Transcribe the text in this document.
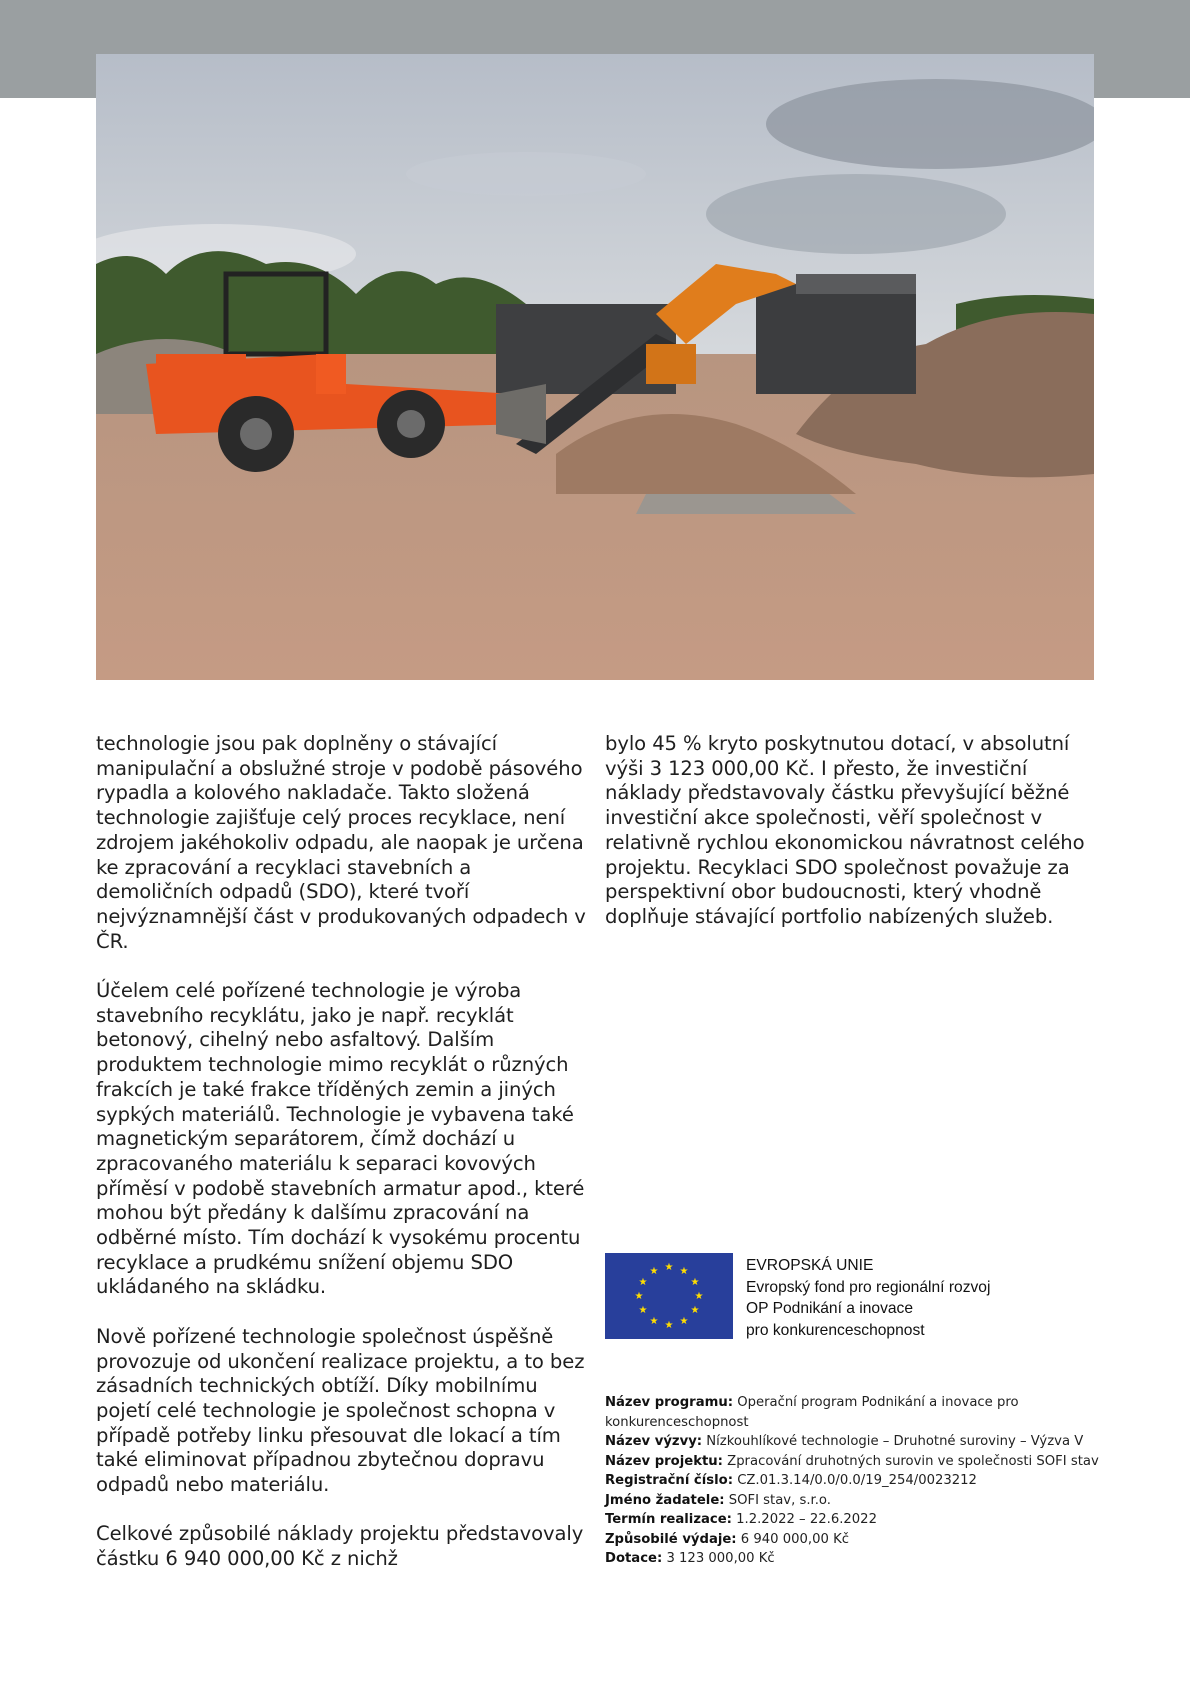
technologie jsou pak doplněny o stávající manipulační a obslužné stroje v podobě pásového rypadla a kolového nakladače. Takto složená technologie zajišťuje celý proces recyklace, není zdrojem jakéhokoliv odpadu, ale naopak je určena ke zpracování a recyklaci stavebních a demoličních odpadů (SDO), které tvoří nejvýznamnější část v produkovaných odpadech v ČR.

Účelem celé pořízené technologie je výroba stavebního recyklátu, jako je např. recyklát betonový, cihelný nebo asfaltový. Dalším produktem technologie mimo recyklát o různých frakcích je také frakce tříděných zemin a jiných sypkých materiálů. Technologie je vybavena také magnetickým separátorem, čímž dochází u zpracovaného materiálu k separaci kovových příměsí v podobě stavebních armatur apod., které mohou být předány k dalšímu zpracování na odběrné místo. Tím dochází k vysokému procentu recyklace a prudkému snížení objemu SDO ukládaného na skládku.

Nově pořízené technologie společnost úspěšně provozuje od ukončení realizace projektu, a to bez zásadních technických obtíží. Díky mobilnímu pojetí celé technologie je společnost schopna v případě potřeby linku přesouvat dle lokací a tím také eliminovat případnou zbytečnou dopravu odpadů nebo materiálu.

Celkové způsobilé náklady projektu představovaly částku 6 940 000,00 Kč z nichž

bylo 45 % kryto poskytnutou dotací, v absolutní výši 3 123 000,00 Kč. I přesto, že investiční náklady představovaly částku převyšující běžné investiční akce společnosti, věří společnost v relativně rychlou ekonomickou návratnost celého projektu. Recyklaci SDO společnost považuje za perspektivní obor budoucnosti, který vhodně doplňuje stávající portfolio nabízených služeb.

★ ★
★
★
★
★
★
★
★
★
★
★	EVROPSKÁ UNIE
Evropský fond pro regionální rozvoj
OP Podnikání a inovace
pro konkurenceschopnost
Název programu: Operační program Podnikání a inovace pro konkurenceschopnost
Název výzvy: Nízkouhlíkové technologie – Druhotné suroviny – Výzva V
Název projektu: Zpracování druhotných surovin ve společnosti SOFI stav
Registrační číslo: CZ.01.3.14/0.0/0.0/19_254/0023212
Jméno žadatele: SOFI stav, s.r.o.
Termín realizace: 1.2.2022 – 22.6.2022
Způsobilé výdaje: 6 940 000,00 Kč
Dotace: 3 123 000,00 Kč
